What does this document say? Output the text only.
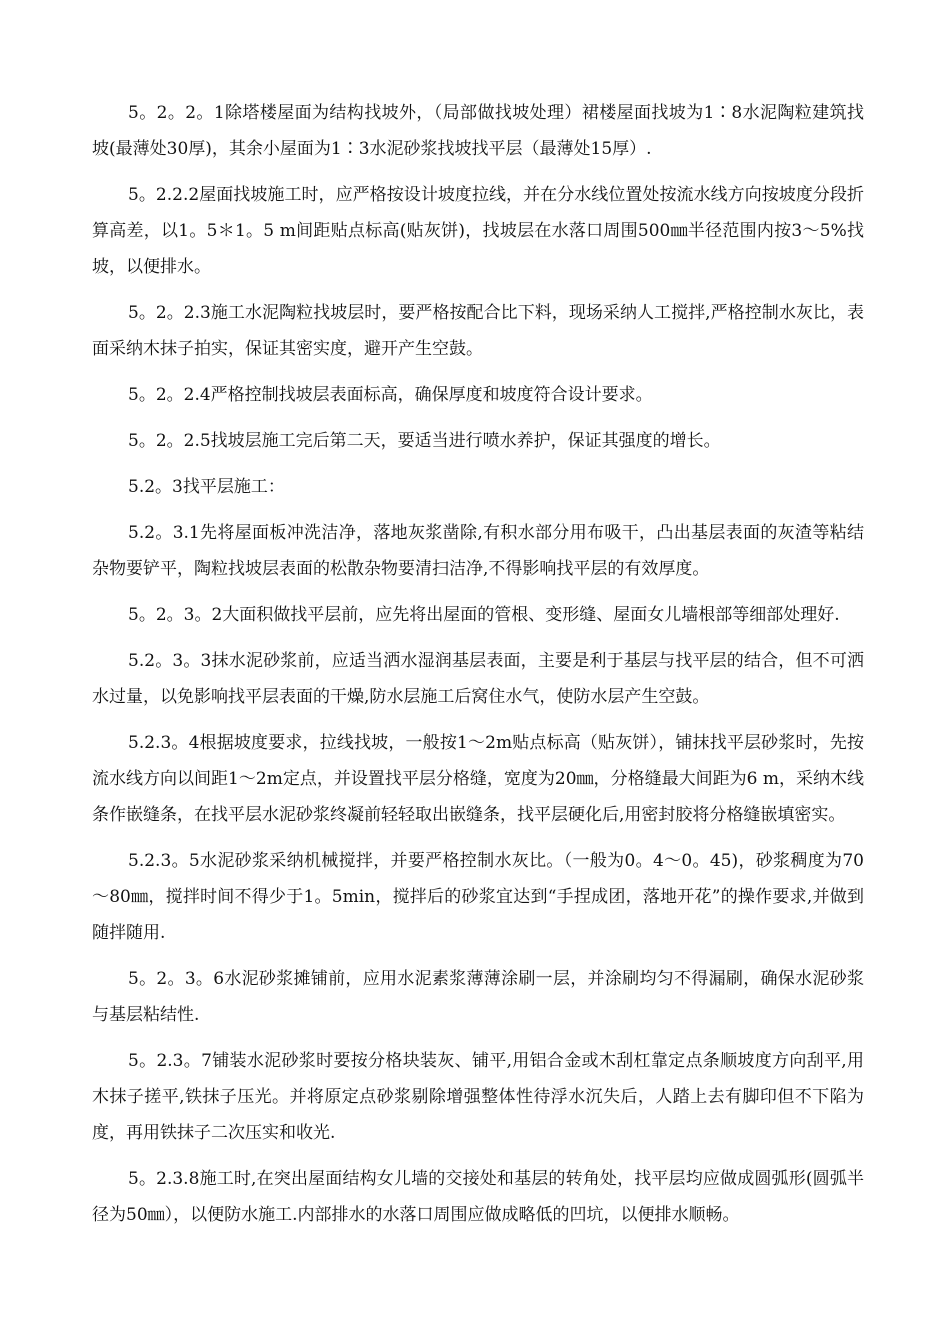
5。2。2。1除塔楼屋面为结构找坡外，（局部做找坡处理）裙楼屋面找坡为1∶8水泥陶粒建筑找坡(最薄处30厚)，其余小屋面为1∶3水泥砂浆找坡找平层（最薄处15厚）.

5。2.2.2屋面找坡施工时，应严格按设计坡度拉线，并在分水线位置处按流水线方向按坡度分段折算高差，以1。5＊1。5 m间距贴点标高(贴灰饼)，找坡层在水落口周围500㎜半径范围内按3～5%找坡，以便排水。

5。2。2.3施工水泥陶粒找坡层时，要严格按配合比下料，现场采纳人工搅拌,严格控制水灰比，表面采纳木抹子拍实，保证其密实度，避开产生空鼓。

5。2。2.4严格控制找坡层表面标高，确保厚度和坡度符合设计要求。

5。2。2.5找坡层施工完后第二天，要适当进行喷水养护，保证其强度的增长。

5.2。3找平层施工：

5.2。3.1先将屋面板冲洗洁净，落地灰浆凿除,有积水部分用布吸干，凸出基层表面的灰渣等粘结杂物要铲平，陶粒找坡层表面的松散杂物要清扫洁净,不得影响找平层的有效厚度。

5。2。3。2大面积做找平层前，应先将出屋面的管根、变形缝、屋面女儿墙根部等细部处理好.

5.2。3。3抹水泥砂浆前，应适当洒水湿润基层表面，主要是利于基层与找平层的结合，但不可洒水过量，以免影响找平层表面的干燥,防水层施工后窝住水气，使防水层产生空鼓。

5.2.3。4根据坡度要求，拉线找坡，一般按1～2m贴点标高（贴灰饼），铺抹找平层砂浆时，先按流水线方向以间距1～2m定点，并设置找平层分格缝，宽度为20㎜，分格缝最大间距为6 m，采纳木线条作嵌缝条，在找平层水泥砂浆终凝前轻轻取出嵌缝条，找平层硬化后,用密封胶将分格缝嵌填密实。

5.2.3。5水泥砂浆采纳机械搅拌，并要严格控制水灰比。（一般为0。4～0。45)，砂浆稠度为70～80㎜，搅拌时间不得少于1。5min，搅拌后的砂浆宜达到“手捏成团，落地开花”的操作要求,并做到随拌随用.

5。2。3。6水泥砂浆摊铺前，应用水泥素浆薄薄涂刷一层，并涂刷均匀不得漏刷，确保水泥砂浆与基层粘结性.

5。2.3。7铺装水泥砂浆时要按分格块装灰、铺平,用铝合金或木刮杠靠定点条顺坡度方向刮平,用木抹子搓平,铁抹子压光。并将原定点砂浆剔除增强整体性待浮水沉失后，人踏上去有脚印但不下陷为度，再用铁抹子二次压实和收光.

5。2.3.8施工时,在突出屋面结构女儿墙的交接处和基层的转角处，找平层均应做成圆弧形(圆弧半径为50㎜），以便防水施工.内部排水的水落口周围应做成略低的凹坑，以便排水顺畅。
